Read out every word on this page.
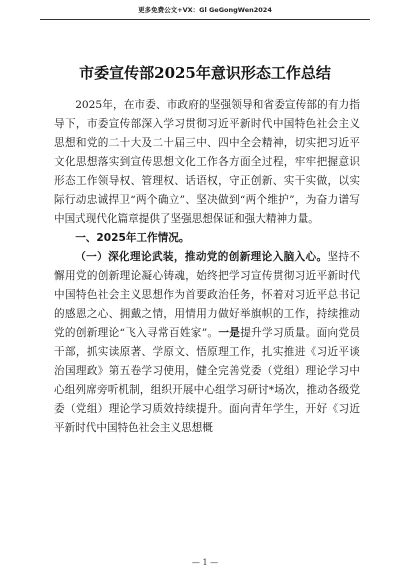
更多免费公文+VX：Gl GeGongWen2024
市委宣传部2025年意识形态工作总结

2025年，在市委、市政府的坚强领导和省委宣传部的有力指导下，市委宣传部深入学习贯彻习近平新时代中国特色社会主义思想和党的二十大及二十届三中、四中全会精神，切实把习近平文化思想落实到宣传思想文化工作各方面全过程，牢牢把握意识形态工作领导权、管理权、话语权，守正创新、实干实做，以实际行动忠诚捍卫“两个确立”、坚决做到“两个维护”，为奋力谱写中国式现代化篇章提供了坚强思想保证和强大精神力量。

一、2025年工作情况。

（一）深化理论武装，推动党的创新理论入脑入心。坚持不懈用党的创新理论凝心铸魂，始终把学习宣传贯彻习近平新时代中国特色社会主义思想作为首要政治任务，怀着对习近平总书记的感恩之心、拥戴之情，用情用力做好举旗帜的工作，持续推动党的创新理论“飞入寻常百姓家”。一是提升学习质量。面向党员干部，抓实读原著、学原文、悟原理工作，扎实推进《习近平谈治国理政》第五卷学习使用，健全完善党委（党组）理论学习中心组列席旁听机制，组织开展中心组学习研讨*场次，推动各级党委（党组）理论学习质效持续提升。面向青年学生，开好《习近平新时代中国特色社会主义思想概

— 1 —
